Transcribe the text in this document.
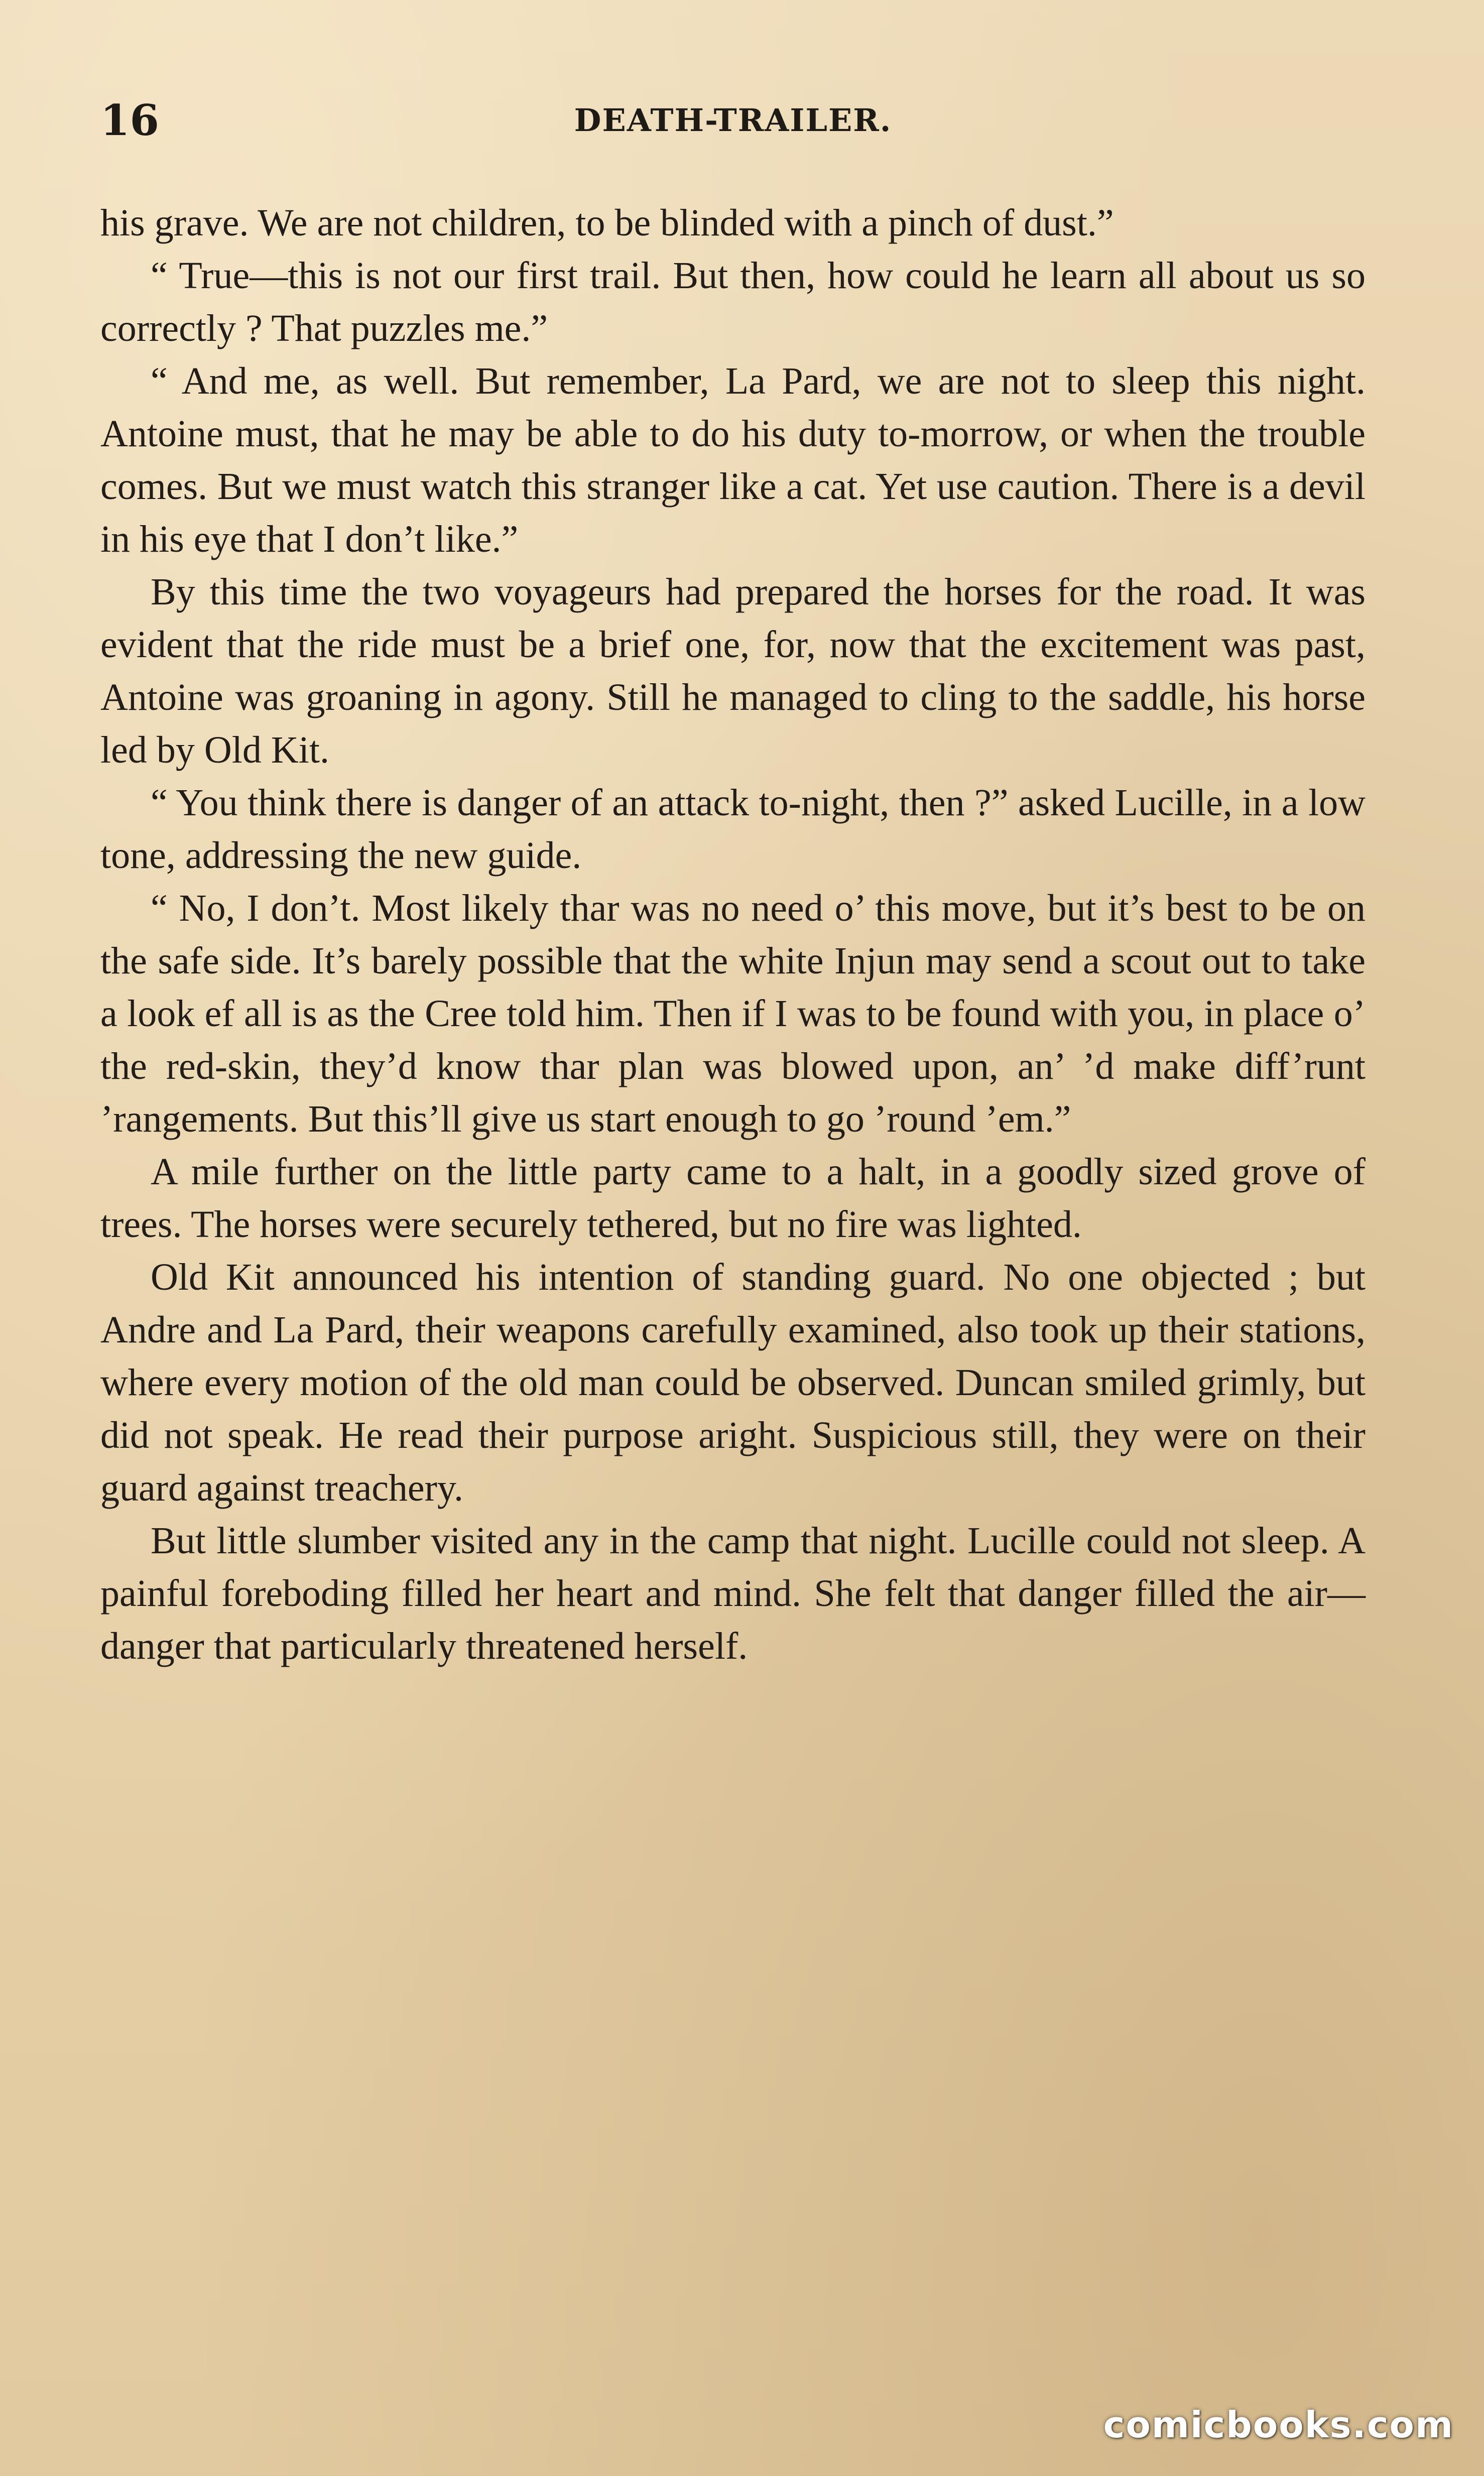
16	DEATH-TRAILER.

his grave. We are not children, to be blinded with a pinch of dust.”

“ True—this is not our first trail. But then, how could he learn all about us so correctly ? That puzzles me.”

“ And me, as well. But remember, La Pard, we are not to sleep this night. Antoine must, that he may be able to do his duty to-morrow, or when the trouble comes. But we must watch this stranger like a cat. Yet use caution. There is a devil in his eye that I don’t like.”

By this time the two voyageurs had prepared the horses for the road. It was evident that the ride must be a brief one, for, now that the excitement was past, Antoine was groaning in agony. Still he managed to cling to the saddle, his horse led by Old Kit.

“ You think there is danger of an attack to-night, then ?” asked Lucille, in a low tone, addressing the new guide.

“ No, I don’t. Most likely thar was no need o’ this move, but it’s best to be on the safe side. It’s barely possible that the white Injun may send a scout out to take a look ef all is as the Cree told him. Then if I was to be found with you, in place o’ the red-skin, they’d know thar plan was blowed upon, an’ ’d make diff’runt ’rangements. But this’ll give us start enough to go ’round ’em.”

A mile further on the little party came to a halt, in a goodly sized grove of trees. The horses were securely tethered, but no fire was lighted.

Old Kit announced his intention of standing guard. No one objected ; but Andre and La Pard, their weapons carefully examined, also took up their stations, where every motion of the old man could be observed. Duncan smiled grimly, but did not speak. He read their purpose aright. Suspicious still, they were on their guard against treachery.

But little slumber visited any in the camp that night. Lucille could not sleep. A painful foreboding filled her heart and mind. She felt that danger filled the air—danger that particularly threatened herself.

comicbooks.com
